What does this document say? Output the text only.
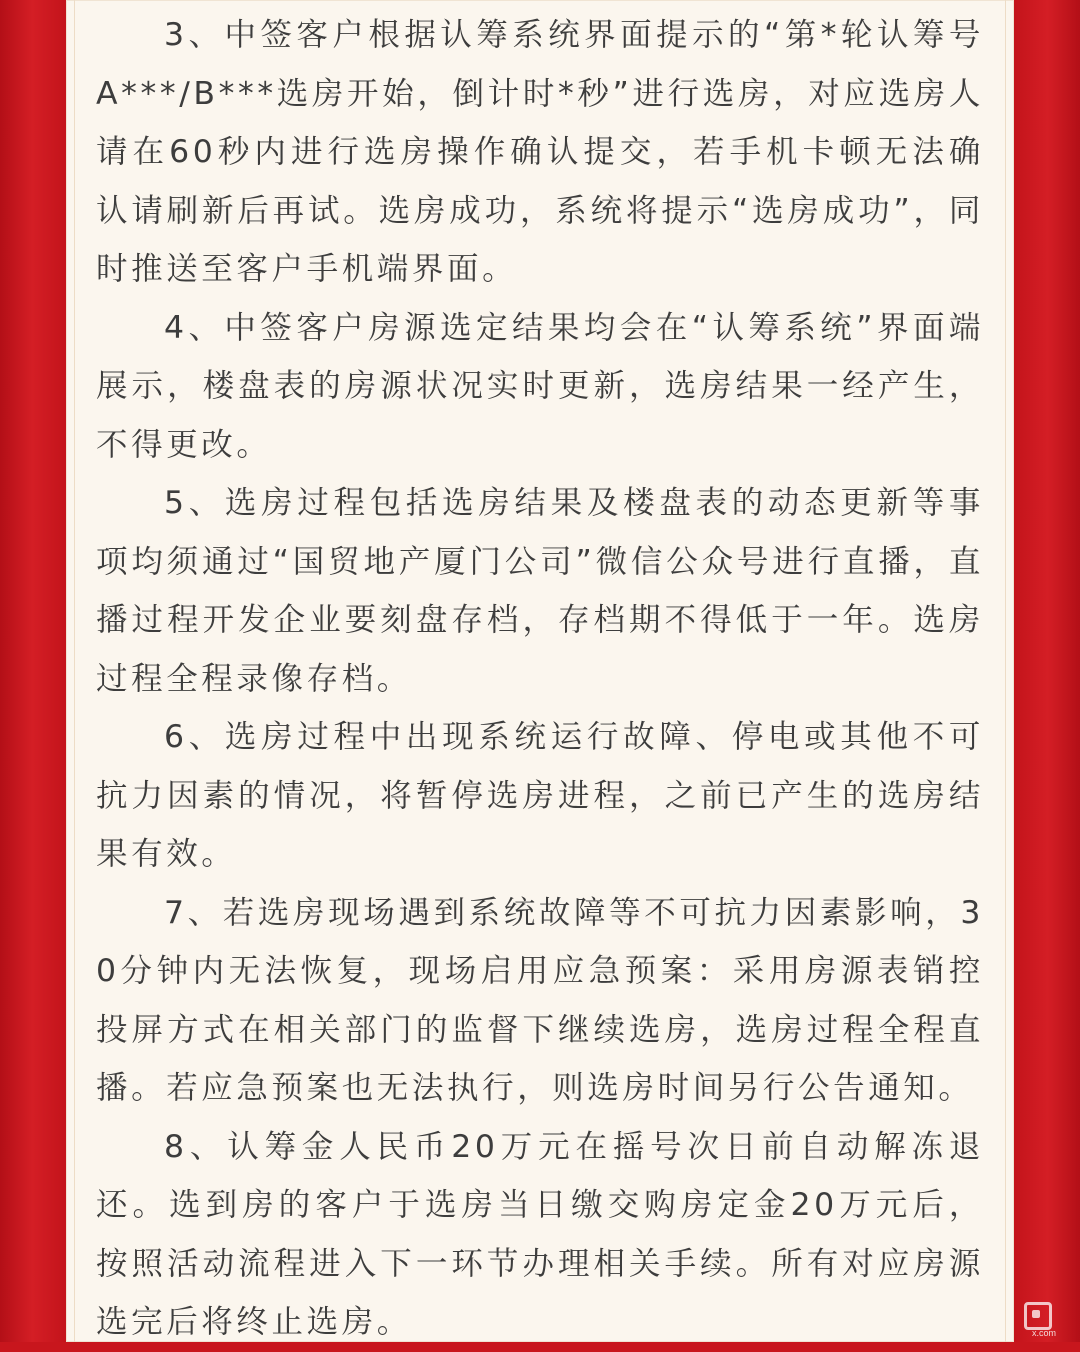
3、中签客户根据认筹系统界面提示的“第*轮认筹号A***/B***选房开始，倒计时*秒”进行选房，对应选房人请在60秒内进行选房操作确认提交，若手机卡顿无法确认请刷新后再试。选房成功，系统将提示“选房成功”，同时推送至客户手机端界面。

4、中签客户房源选定结果均会在“认筹系统”界面端展示，楼盘表的房源状况实时更新，选房结果一经产生，不得更改。

5、选房过程包括选房结果及楼盘表的动态更新等事项均须通过“国贸地产厦门公司”微信公众号进行直播，直播过程开发企业要刻盘存档，存档期不得低于一年。选房过程全程录像存档。

6、选房过程中出现系统运行故障、停电或其他不可抗力因素的情况，将暂停选房进程，之前已产生的选房结果有效。

7、若选房现场遇到系统故障等不可抗力因素影响，30分钟内无法恢复，现场启用应急预案：采用房源表销控投屏方式在相关部门的监督下继续选房，选房过程全程直播。若应急预案也无法执行，则选房时间另行公告通知。

8、认筹金人民币20万元在摇号次日前自动解冻退还。选到房的客户于选房当日缴交购房定金20万元后，按照活动流程进入下一环节办理相关手续。所有对应房源选完后将终止选房。	x.com
